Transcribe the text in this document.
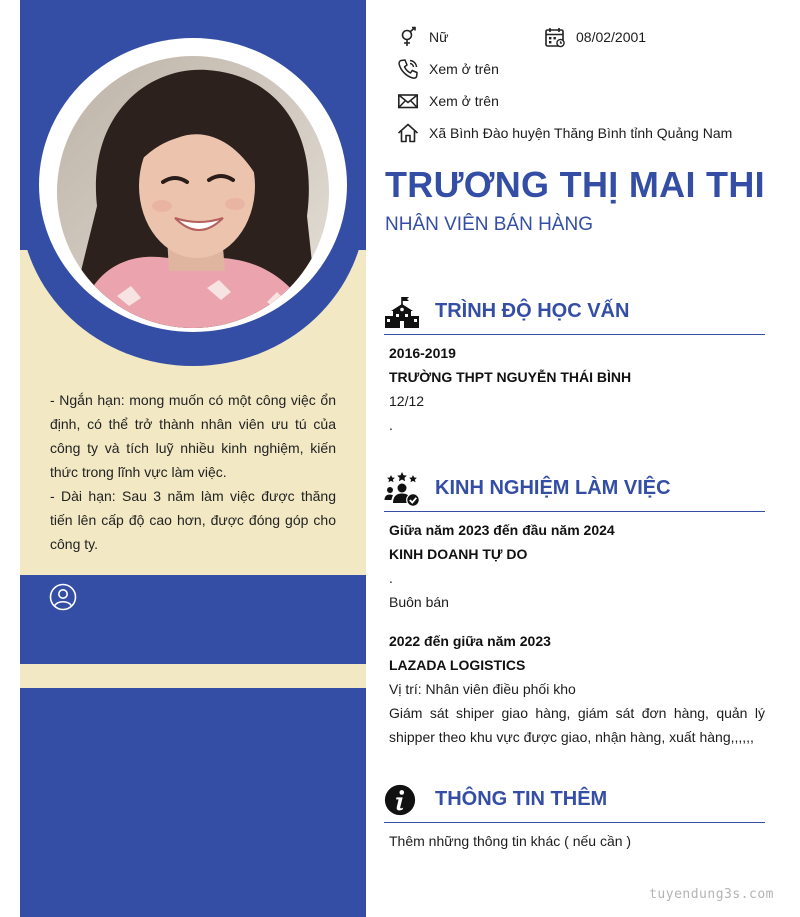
- Ngắn hạn: mong muốn có một công việc ổn định, có thể trở thành nhân viên ưu tú của công ty và tích luỹ nhiều kinh nghiệm, kiến thức trong lĩnh vực làm việc.

- Dài hạn: Sau 3 năm làm việc được thăng tiến lên cấp độ cao hơn, được đóng góp cho công ty.

Nữ	08/02/2001
Xem ở trên
Xem ở trên
Xã Bình Đào huyện Thăng Bình tỉnh Quảng Nam
TRƯƠNG THỊ MAI THI
NHÂN VIÊN BÁN HÀNG
TRÌNH ĐỘ HỌC VẤN
2016-2019
TRƯỜNG THPT NGUYỄN THÁI BÌNH
12/12
.
KINH NGHIỆM LÀM VIỆC
Giữa năm 2023 đến đầu năm 2024
KINH DOANH TỰ DO
.
Buôn bán
2022 đến giữa năm 2023
LAZADA LOGISTICS
Vị trí: Nhân viên điều phối kho
Giám sát shiper giao hàng, giám sát đơn hàng, quản lý shipper theo khu vực được giao, nhận hàng, xuất hàng,,,,,,
THÔNG TIN THÊM
Thêm những thông tin khác ( nếu cần )
tuyendung3s.com
